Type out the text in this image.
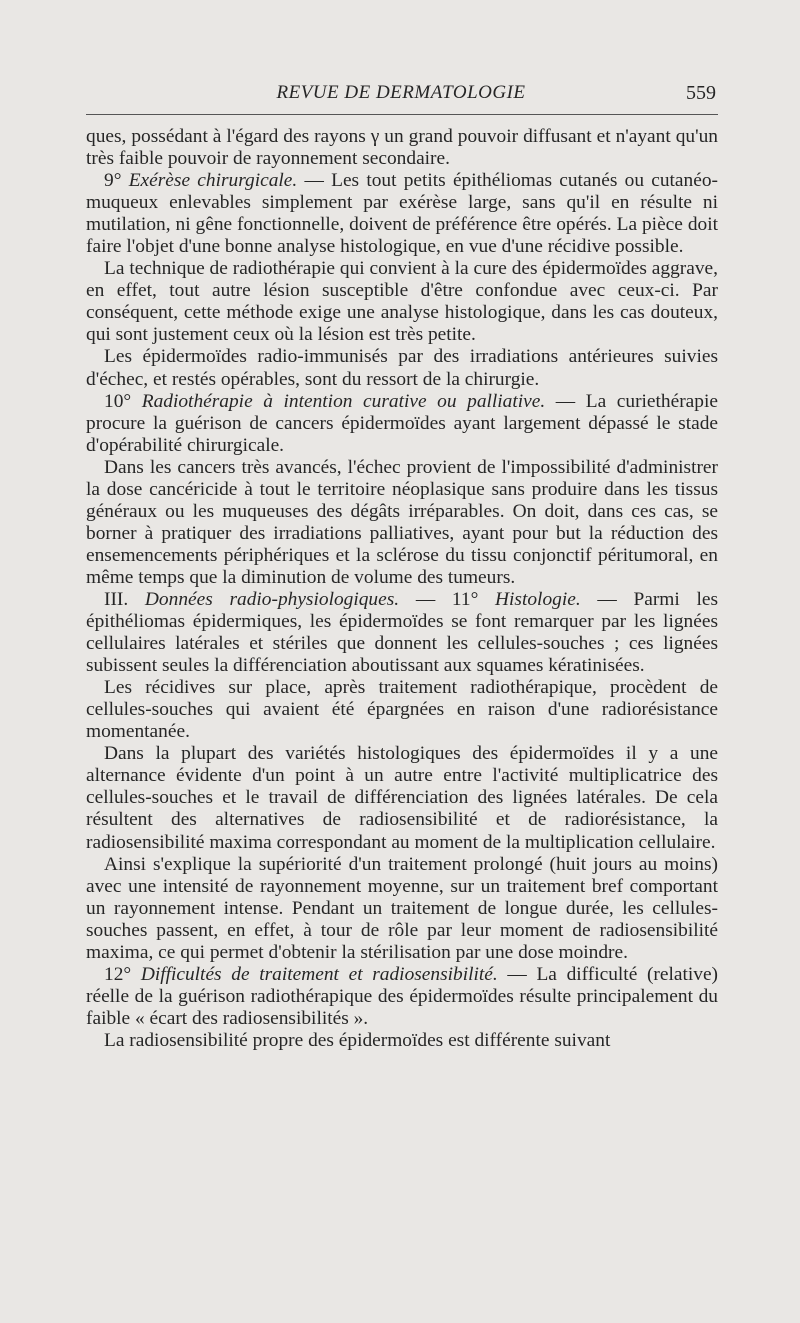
REVUE DE DERMATOLOGIE	559

ques, possédant à l'égard des rayons γ un grand pouvoir diffusant et n'ayant qu'un très faible pouvoir de rayonnement secondaire.

9° Exérèse chirurgicale. — Les tout petits épithéliomas cutanés ou cutanéo-muqueux enlevables simplement par exérèse large, sans qu'il en résulte ni mutilation, ni gêne fonctionnelle, doivent de préférence être opérés. La pièce doit faire l'objet d'une bonne analyse histologique, en vue d'une récidive possible.

La technique de radiothérapie qui convient à la cure des épidermoïdes aggrave, en effet, tout autre lésion susceptible d'être confondue avec ceux-ci. Par conséquent, cette méthode exige une analyse histologique, dans les cas douteux, qui sont justement ceux où la lésion est très petite.

Les épidermoïdes radio-immunisés par des irradiations antérieures suivies d'échec, et restés opérables, sont du ressort de la chirurgie.

10° Radiothérapie à intention curative ou palliative. — La curiethérapie procure la guérison de cancers épidermoïdes ayant largement dépassé le stade d'opérabilité chirurgicale.

Dans les cancers très avancés, l'échec provient de l'impossibilité d'administrer la dose cancéricide à tout le territoire néoplasique sans produire dans les tissus généraux ou les muqueuses des dégâts irréparables. On doit, dans ces cas, se borner à pratiquer des irradiations palliatives, ayant pour but la réduction des ensemencements périphériques et la sclérose du tissu conjonctif péritumoral, en même temps que la diminution de volume des tumeurs.

III. Données radio-physiologiques. — 11° Histologie. — Parmi les épithéliomas épidermiques, les épidermoïdes se font remarquer par les lignées cellulaires latérales et stériles que donnent les cellules-souches ; ces lignées subissent seules la différenciation aboutissant aux squames kératinisées.

Les récidives sur place, après traitement radiothérapique, procèdent de cellules-souches qui avaient été épargnées en raison d'une radiorésistance momentanée.

Dans la plupart des variétés histologiques des épidermoïdes il y a une alternance évidente d'un point à un autre entre l'activité multiplicatrice des cellules-souches et le travail de différenciation des lignées latérales. De cela résultent des alternatives de radiosensibilité et de radiorésistance, la radiosensibilité maxima correspondant au moment de la multiplication cellulaire.

Ainsi s'explique la supériorité d'un traitement prolongé (huit jours au moins) avec une intensité de rayonnement moyenne, sur un traitement bref comportant un rayonnement intense. Pendant un traitement de longue durée, les cellules-souches passent, en effet, à tour de rôle par leur moment de radiosensibilité maxima, ce qui permet d'obtenir la stérilisation par une dose moindre.

12° Difficultés de traitement et radiosensibilité. — La difficulté (relative) réelle de la guérison radiothérapique des épidermoïdes résulte principalement du faible « écart des radiosensibilités ».

La radiosensibilité propre des épidermoïdes est différente suivant
